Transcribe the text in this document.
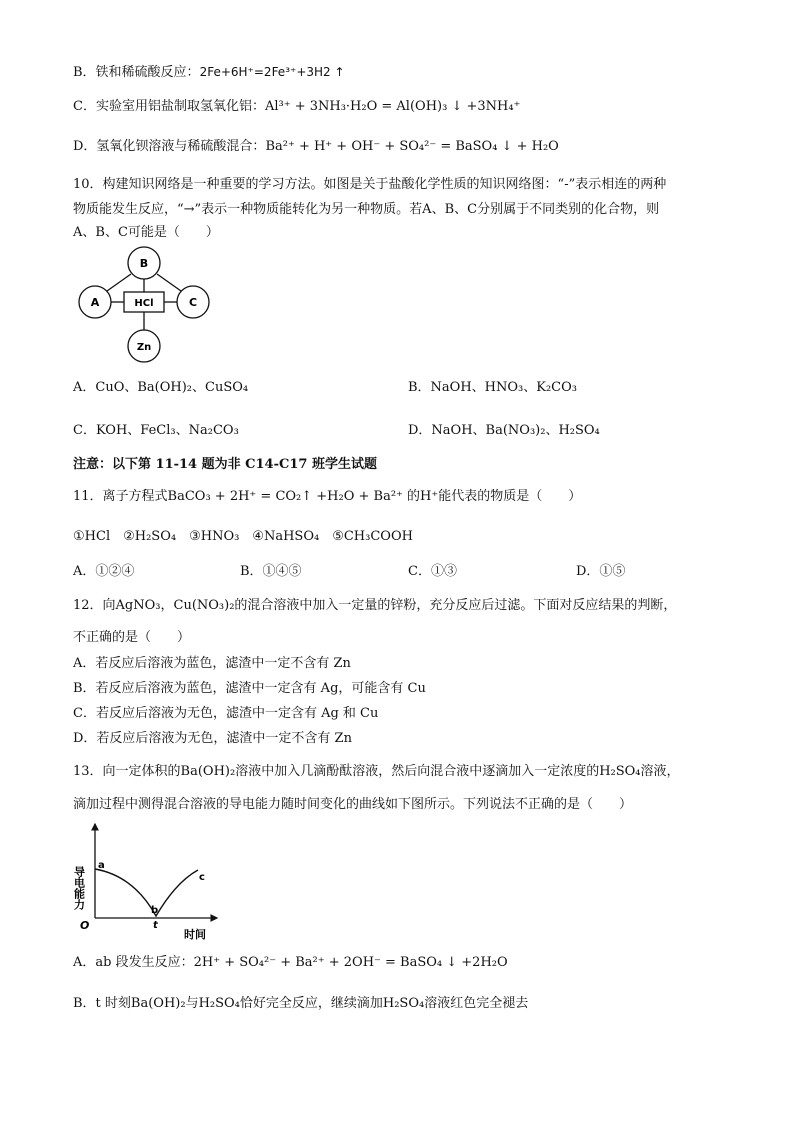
B．铁和稀硫酸反应：2Fe+6H⁺=2Fe³⁺+3H2 ↑
C．实验室用铝盐制取氢氧化铝：Al³⁺ + 3NH₃·H₂O = Al(OH)₃ ↓ +3NH₄⁺
D．氢氧化钡溶液与稀硫酸混合：Ba²⁺ + H⁺ + OH⁻ + SO₄²⁻ = BaSO₄ ↓ + H₂O
10．构建知识网络是一种重要的学习方法。如图是关于盐酸化学性质的知识网络图：“-”表示相连的两种
物质能发生反应，“→”表示一种物质能转化为另一种物质。若A、B、C分别属于不同类别的化合物，则
A、B、C可能是（　　）
B
A	C
HCl
Zn
A．CuO、Ba(OH)₂、CuSO₄	B．NaOH、HNO₃、K₂CO₃
C．KOH、FeCl₃、Na₂CO₃	D．NaOH、Ba(NO₃)₂、H₂SO₄
注意：以下第 11-14 题为非 C14-C17 班学生试题
11．离子方程式BaCO₃ + 2H⁺ = CO₂↑ +H₂O + Ba²⁺ 的H⁺能代表的物质是（　　）
①HCl　②H₂SO₄　③HNO₃　④NaHSO₄　⑤CH₃COOH
A．①②④	B．①④⑤	C．①③	D．①⑤
12．向AgNO₃，Cu(NO₃)₂的混合溶液中加入一定量的锌粉，充分反应后过滤。下面对反应结果的判断，
不正确的是（　　）
A．若反应后溶液为蓝色，滤渣中一定不含有 Zn
B．若反应后溶液为蓝色，滤渣中一定含有 Ag，可能含有 Cu
C．若反应后溶液为无色，滤渣中一定含有 Ag 和 Cu
D．若反应后溶液为无色，滤渣中一定不含有 Zn
13．向一定体积的Ba(OH)₂溶液中加入几滴酚酞溶液，然后向混合液中逐滴加入一定浓度的H₂SO₄溶液，
滴加过程中测得混合溶液的导电能力随时间变化的曲线如下图所示。下列说法不正确的是（　　）
导电能力
O
a
b
c
t
时间
A．ab 段发生反应：2H⁺ + SO₄²⁻ + Ba²⁺ + 2OH⁻ = BaSO₄ ↓ +2H₂O
B．t 时刻Ba(OH)₂与H₂SO₄恰好完全反应，继续滴加H₂SO₄溶液红色完全褪去
